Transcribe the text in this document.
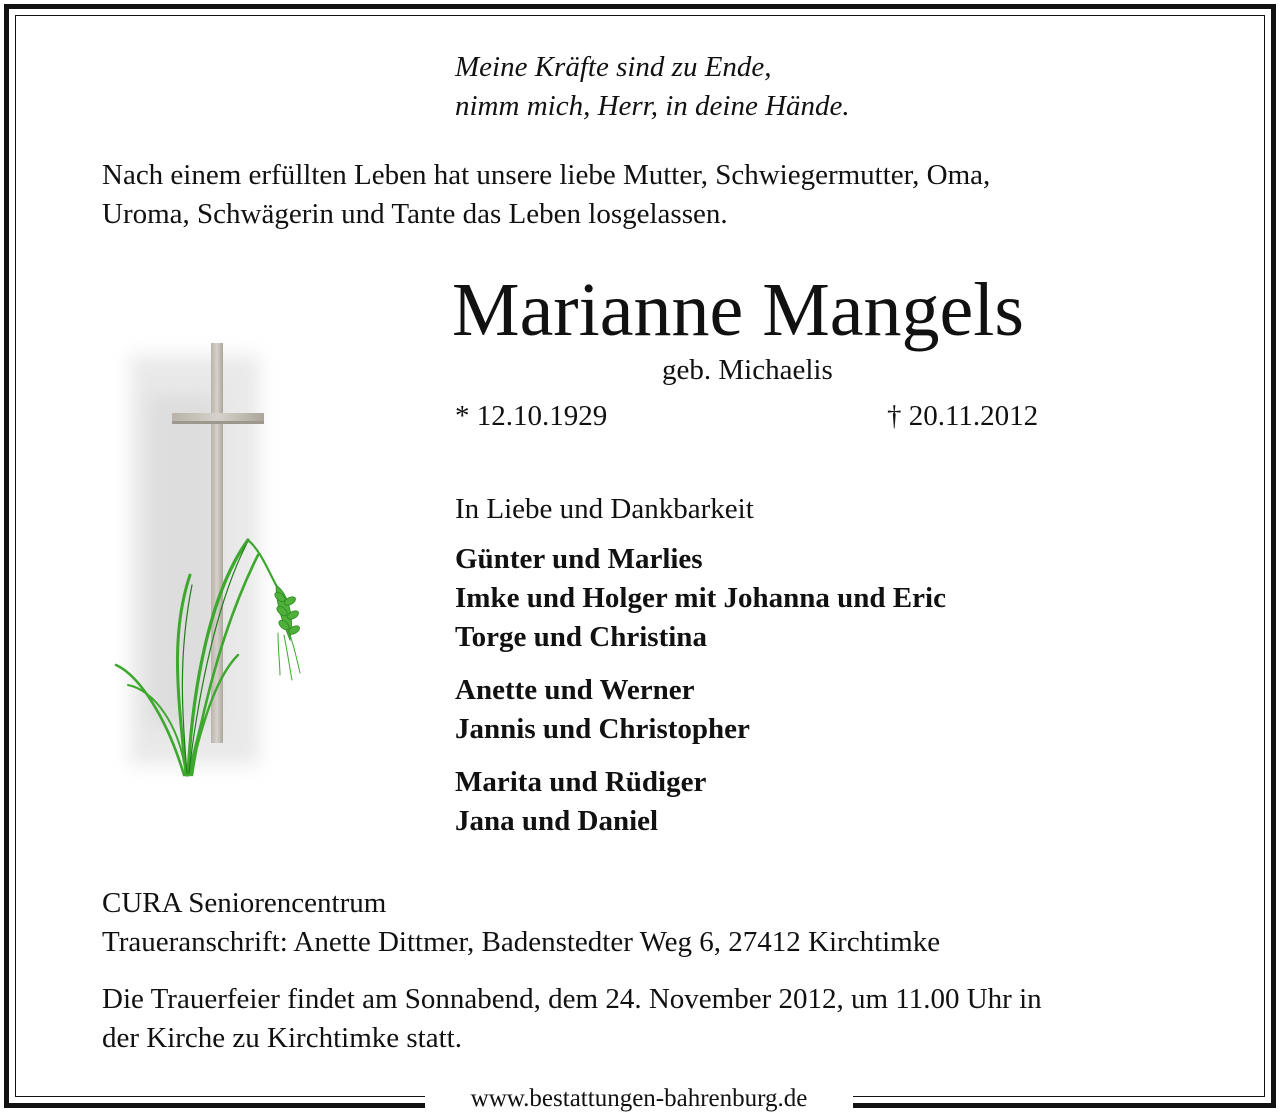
Meine Kräfte sind zu Ende,
nimm mich, Herr, in deine Hände.
Nach einem erfüllten Leben hat unsere liebe Mutter, Schwiegermutter, Oma,
Uroma, Schwägerin und Tante das Leben losgelassen.
Marianne Mangels
geb. Michaelis
* 12.10.1929	† 20.11.2012
In Liebe und Dankbarkeit
Günter und Marlies
Imke und Holger mit Johanna und Eric
Torge und Christina
Anette und Werner
Jannis und Christopher
Marita und Rüdiger
Jana und Daniel
CURA Seniorencentrum
Traueranschrift: Anette Dittmer, Badenstedter Weg 6, 27412 Kirchtimke
Die Trauerfeier findet am Sonnabend, dem 24. November 2012, um 11.00 Uhr in
der Kirche zu Kirchtimke statt.
www.bestattungen-bahrenburg.de
